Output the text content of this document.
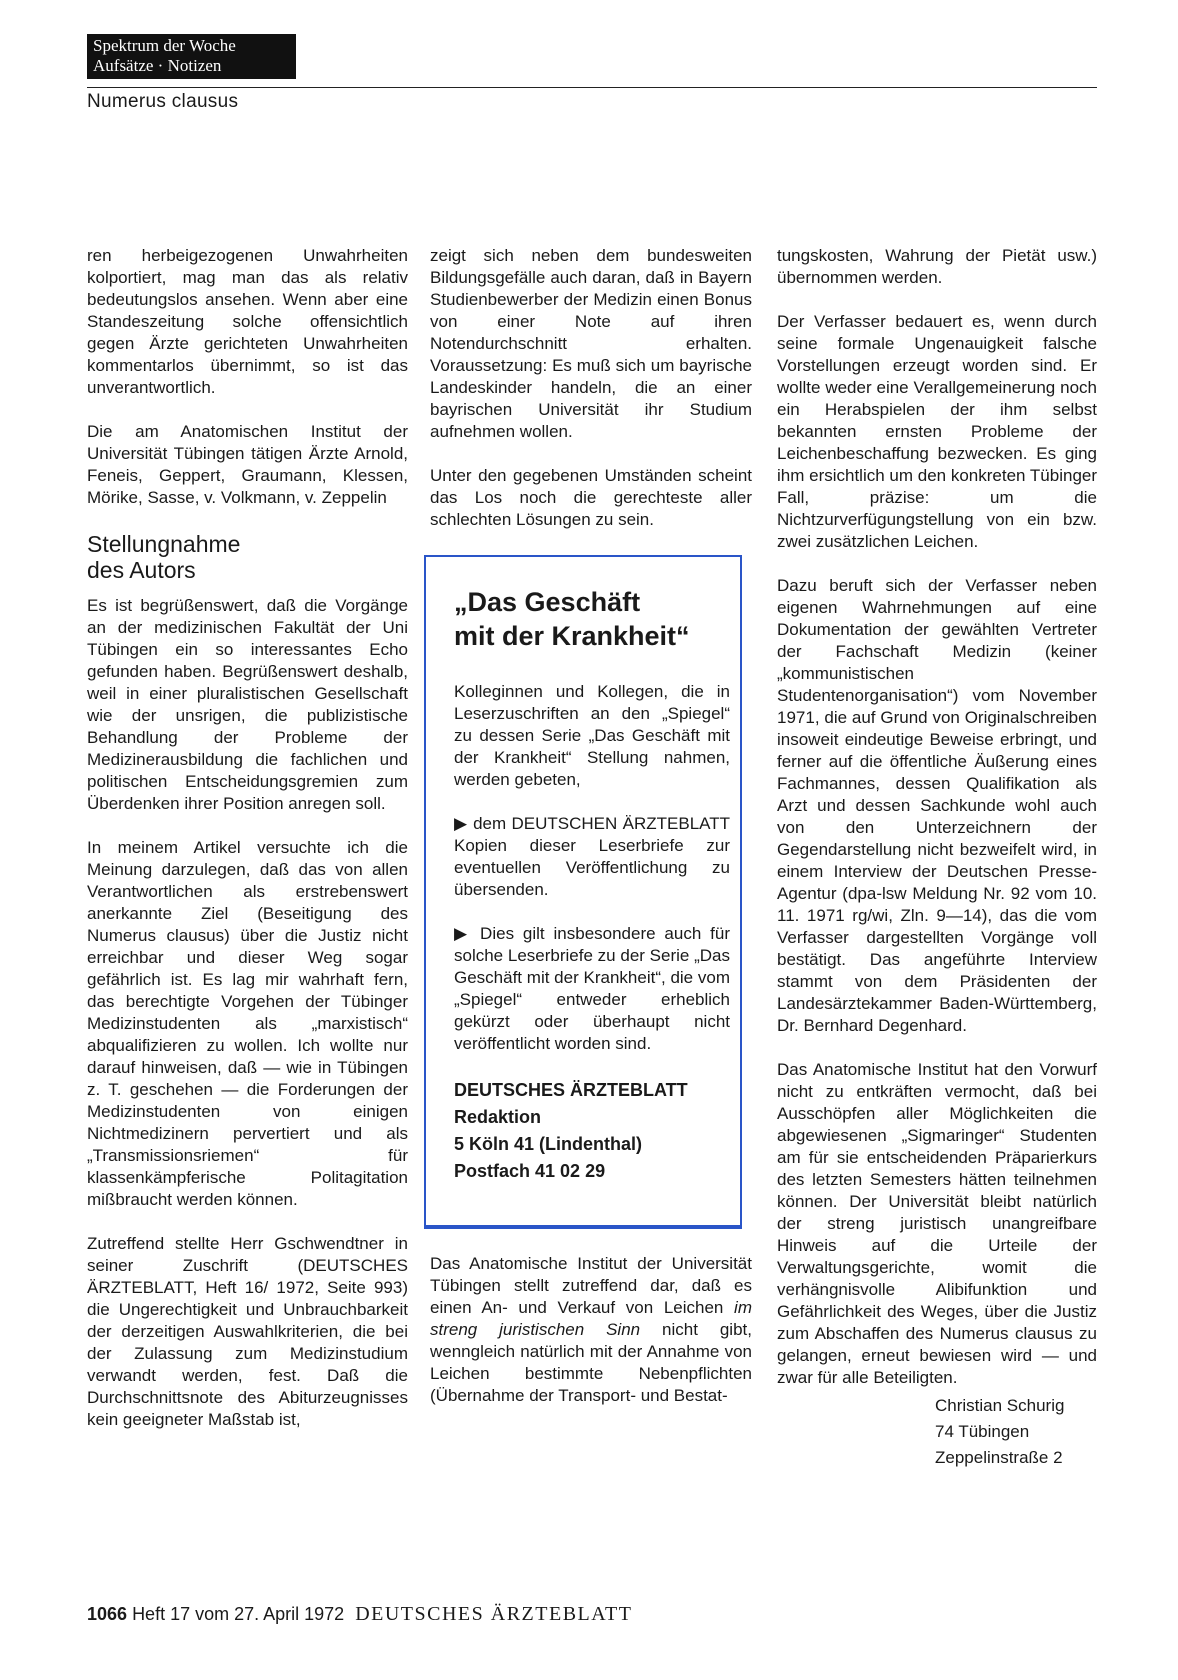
Spektrum der Woche
Aufsätze · Notizen
Numerus clausus

ren herbeigezogenen Unwahrheiten kolportiert, mag man das als relativ bedeutungslos ansehen. Wenn aber eine Standeszeitung solche offensichtlich gegen Ärzte gerichteten Unwahrheiten kommentarlos übernimmt, so ist das unverantwortlich.

Die am Anatomischen Institut der Universität Tübingen tätigen Ärzte Arnold, Feneis, Geppert, Graumann, Klessen, Mörike, Sasse, v. Volkmann, v. Zeppelin

Stellungnahme
des Autors

Es ist begrüßenswert, daß die Vorgänge an der medizinischen Fakultät der Uni Tübingen ein so interessantes Echo gefunden haben. Begrüßenswert deshalb, weil in einer pluralistischen Gesellschaft wie der unsrigen, die publizistische Behandlung der Probleme der Medizinerausbildung die fachlichen und politischen Entscheidungsgremien zum Überdenken ihrer Position anregen soll.

In meinem Artikel versuchte ich die Meinung darzulegen, daß das von allen Verantwortlichen als erstrebenswert anerkannte Ziel (Beseitigung des Numerus clausus) über die Justiz nicht erreichbar und dieser Weg sogar gefährlich ist. Es lag mir wahrhaft fern, das berechtigte Vorgehen der Tübinger Medizinstudenten als „marxistisch“ abqualifizieren zu wollen. Ich wollte nur darauf hinweisen, daß — wie in Tübingen z. T. geschehen — die Forderungen der Medizinstudenten von einigen Nichtmedizinern pervertiert und als „Transmissionsriemen“ für klassenkämpferische Politagitation mißbraucht werden können.

Zutreffend stellte Herr Gschwendtner in seiner Zuschrift (DEUTSCHES ÄRZTEBLATT, Heft 16/ 1972, Seite 993) die Ungerechtigkeit und Unbrauchbarkeit der derzeitigen Auswahlkriterien, die bei der Zulassung zum Medizinstudium verwandt werden, fest. Daß die Durchschnittsnote des Abiturzeugnisses kein geeigneter Maßstab ist,

zeigt sich neben dem bundesweiten Bildungsgefälle auch daran, daß in Bayern Studienbewerber der Medizin einen Bonus von einer Note auf ihren Notendurchschnitt erhalten. Voraussetzung: Es muß sich um bayrische Landeskinder handeln, die an einer bayrischen Universität ihr Studium aufnehmen wollen.

Unter den gegebenen Umständen scheint das Los noch die gerechteste aller schlechten Lösungen zu sein.

„Das Geschäft
mit der Krankheit“

Kolleginnen und Kollegen, die in Leserzuschriften an den „Spiegel“ zu dessen Serie „Das Geschäft mit der Krankheit“ Stellung nahmen, werden gebeten,

▶ dem DEUTSCHEN ÄRZTEBLATT Kopien dieser Leserbriefe zur eventuellen Veröffentlichung zu übersenden.

▶ Dies gilt insbesondere auch für solche Leserbriefe zu der Serie „Das Geschäft mit der Krankheit“, die vom „Spiegel“ entweder erheblich gekürzt oder überhaupt nicht veröffentlicht worden sind.

DEUTSCHES ÄRZTEBLATT
Redaktion
5 Köln 41 (Lindenthal)
Postfach 41 02 29

Das Anatomische Institut der Universität Tübingen stellt zutreffend dar, daß es einen An- und Verkauf von Leichen im streng juristischen Sinn nicht gibt, wenngleich natürlich mit der Annahme von Leichen bestimmte Nebenpflichten (Übernahme der Transport- und Bestat-

tungskosten, Wahrung der Pietät usw.) übernommen werden.

Der Verfasser bedauert es, wenn durch seine formale Ungenauigkeit falsche Vorstellungen erzeugt worden sind. Er wollte weder eine Verallgemeinerung noch ein Herabspielen der ihm selbst bekannten ernsten Probleme der Leichenbeschaffung bezwecken. Es ging ihm ersichtlich um den konkreten Tübinger Fall, präzise: um die Nichtzurverfügungstellung von ein bzw. zwei zusätzlichen Leichen.

Dazu beruft sich der Verfasser neben eigenen Wahrnehmungen auf eine Dokumentation der gewählten Vertreter der Fachschaft Medizin (keiner „kommunistischen Studentenorganisation“) vom November 1971, die auf Grund von Originalschreiben insoweit eindeutige Beweise erbringt, und ferner auf die öffentliche Äußerung eines Fachmannes, dessen Qualifikation als Arzt und dessen Sachkunde wohl auch von den Unterzeichnern der Gegendarstellung nicht bezweifelt wird, in einem Interview der Deutschen Presse-Agentur (dpa-lsw Meldung Nr. 92 vom 10. 11. 1971 rg/wi, Zln. 9—14), das die vom Verfasser dargestellten Vorgänge voll bestätigt. Das angeführte Interview stammt von dem Präsidenten der Landesärztekammer Baden-Württemberg, Dr. Bernhard Degenhard.

Das Anatomische Institut hat den Vorwurf nicht zu entkräften vermocht, daß bei Ausschöpfen aller Möglichkeiten die abgewiesenen „Sigmaringer“ Studenten am für sie entscheidenden Präparierkurs des letzten Semesters hätten teilnehmen können. Der Universität bleibt natürlich der streng juristisch unangreifbare Hinweis auf die Urteile der Verwaltungsgerichte, womit die verhängnisvolle Alibifunktion und Gefährlichkeit des Weges, über die Justiz zum Abschaffen des Numerus clausus zu gelangen, erneut bewiesen wird — und zwar für alle Beteiligten.

Christian Schurig
74 Tübingen
Zeppelinstraße 2
1066 Heft 17 vom 27. April 1972 DEUTSCHES ÄRZTEBLATT
